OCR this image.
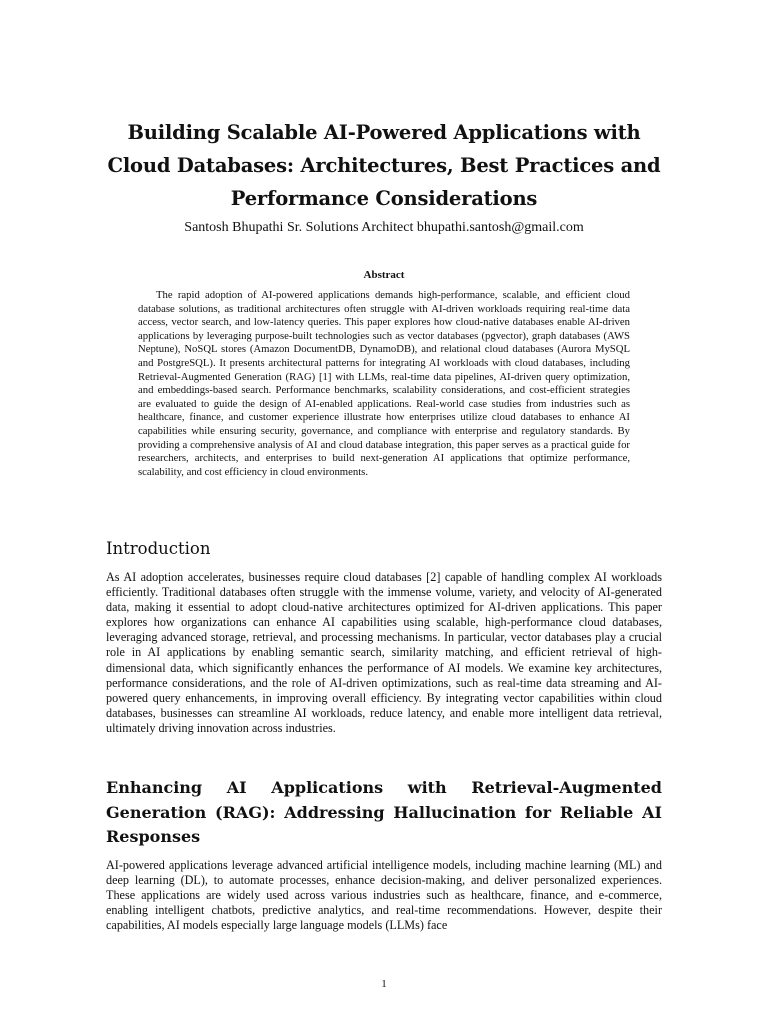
Building Scalable AI-Powered Applications with Cloud Databases: Architectures, Best Practices and Performance Considerations
Santosh Bhupathi Sr. Solutions Architect bhupathi.santosh@gmail.com
Abstract

The rapid adoption of AI-powered applications demands high-performance, scalable, and efficient cloud database solutions, as traditional architectures often struggle with AI-driven workloads requiring real-time data access, vector search, and low-latency queries. This paper explores how cloud-native databases enable AI-driven applications by leveraging purpose-built technologies such as vector databases (pgvector), graph databases (AWS Neptune), NoSQL stores (Amazon DocumentDB, DynamoDB), and relational cloud databases (Aurora MySQL and PostgreSQL). It presents architectural patterns for integrating AI workloads with cloud databases, including Retrieval-Augmented Generation (RAG) [1] with LLMs, real-time data pipelines, AI-driven query optimization, and embeddings-based search. Performance benchmarks, scalability considerations, and cost-efficient strategies are evaluated to guide the design of AI-enabled applications. Real-world case studies from industries such as healthcare, finance, and customer experience illustrate how enterprises utilize cloud databases to enhance AI capabilities while ensuring security, governance, and compliance with enterprise and regulatory standards. By providing a comprehensive analysis of AI and cloud database integration, this paper serves as a practical guide for researchers, architects, and enterprises to build next-generation AI applications that optimize performance, scalability, and cost efficiency in cloud environments.

Introduction

As AI adoption accelerates, businesses require cloud databases [2] capable of handling complex AI workloads efficiently. Traditional databases often struggle with the immense volume, variety, and velocity of AI-generated data, making it essential to adopt cloud-native architectures optimized for AI-driven applications. This paper explores how organizations can enhance AI capabilities using scalable, high-performance cloud databases, leveraging advanced storage, retrieval, and processing mechanisms. In particular, vector databases play a crucial role in AI applications by enabling semantic search, similarity matching, and efficient retrieval of high-dimensional data, which significantly enhances the performance of AI models. We examine key architectures, performance considerations, and the role of AI-driven optimizations, such as real-time data streaming and AI-powered query enhancements, in improving overall efficiency. By integrating vector capabilities within cloud databases, businesses can streamline AI workloads, reduce latency, and enable more intelligent data retrieval, ultimately driving innovation across industries.

Enhancing AI Applications with Retrieval-Augmented Generation (RAG): Addressing Hallucination for Reliable AI Responses

AI-powered applications leverage advanced artificial intelligence models, including machine learning (ML) and deep learning (DL), to automate processes, enhance decision-making, and deliver personalized experiences. These applications are widely used across various industries such as healthcare, finance, and e-commerce, enabling intelligent chatbots, predictive analytics, and real-time recommendations. However, despite their capabilities, AI models especially large language models (LLMs) face

1
